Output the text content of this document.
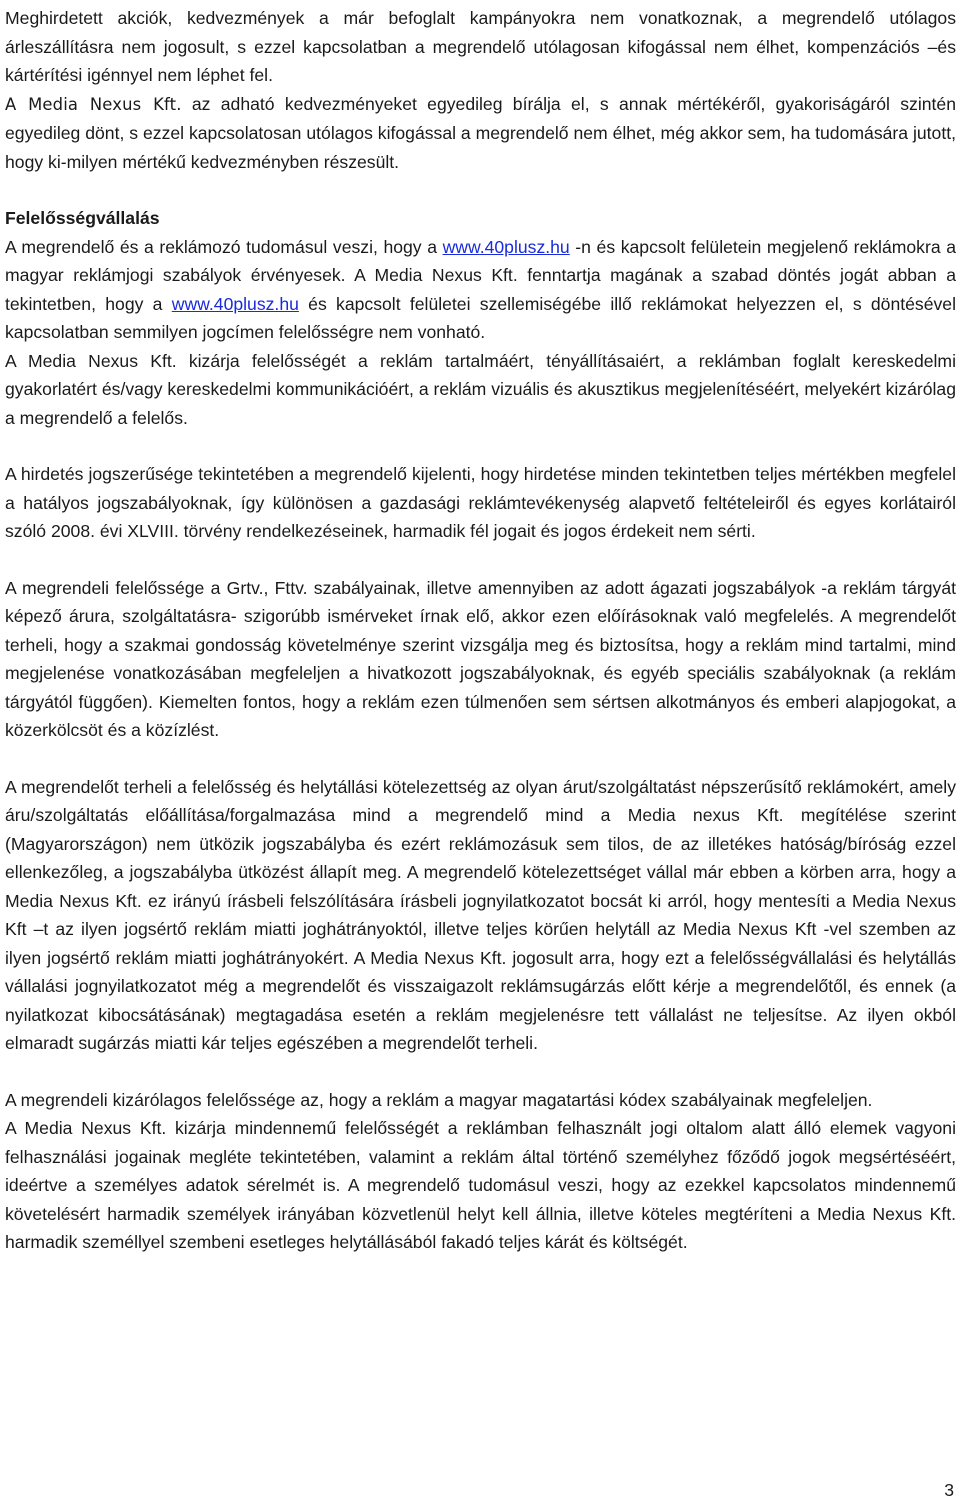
Meghirdetett akciók, kedvezmények a már befoglalt kampányokra nem vonatkoznak, a megrendelő utólagos árleszállításra nem jogosult, s ezzel kapcsolatban a megrendelő utólagosan kifogással nem élhet, kompenzációs –és kártérítési igénnyel nem léphet fel.

A Media Nexus Kft. az adható kedvezményeket egyedileg bírálja el, s annak mértékéről, gyakoriságáról szintén egyedileg dönt, s ezzel kapcsolatosan utólagos kifogással a megrendelő nem élhet, még akkor sem, ha tudomására jutott, hogy ki-milyen mértékű kedvezményben részesült.

Felelősségvállalás

A megrendelő és a reklámozó tudomásul veszi, hogy a www.40plusz.hu -n és kapcsolt felületein megjelenő reklámokra a magyar reklámjogi szabályok érvényesek. A Media Nexus Kft. fenntartja magának a szabad döntés jogát abban a tekintetben, hogy a www.40plusz.hu és kapcsolt felületei szellemiségébe illő reklámokat helyezzen el, s döntésével kapcsolatban semmilyen jogcímen felelősségre nem vonható.

A Media Nexus Kft. kizárja felelősségét a reklám tartalmáért, tényállításaiért, a reklámban foglalt kereskedelmi gyakorlatért és/vagy kereskedelmi kommunikációért, a reklám vizuális és akusztikus megjelenítéséért, melyekért kizárólag a megrendelő a felelős.

A hirdetés jogszerűsége tekintetében a megrendelő kijelenti, hogy hirdetése minden tekintetben teljes mértékben megfelel a hatályos jogszabályoknak, így különösen a gazdasági reklámtevékenység alapvető feltételeiről és egyes korlátairól szóló 2008. évi XLVIII. törvény rendelkezéseinek, harmadik fél jogait és jogos érdekeit nem sérti.

A megrendeli felelőssége a Grtv., Fttv. szabályainak, illetve amennyiben az adott ágazati jogszabályok -a reklám tárgyát képező árura, szolgáltatásra- szigorúbb ismérveket írnak elő, akkor ezen előírásoknak való megfelelés. A megrendelőt terheli, hogy a szakmai gondosság követelménye szerint vizsgálja meg és biztosítsa, hogy a reklám mind tartalmi, mind megjelenése vonatkozásában megfeleljen a hivatkozott jogszabályoknak, és egyéb speciális szabályoknak (a reklám tárgyától függően). Kiemelten fontos, hogy a reklám ezen túlmenően sem sértsen alkotmányos és emberi alapjogokat, a közerkölcsöt és a közízlést.

A megrendelőt terheli a felelősség és helytállási kötelezettség az olyan árut/szolgáltatást népszerűsítő reklámokért, amely áru/szolgáltatás előállítása/forgalmazása mind a megrendelő mind a Media nexus Kft. megítélése szerint (Magyarországon) nem ütközik jogszabályba és ezért reklámozásuk sem tilos, de az illetékes hatóság/bíróság ezzel ellenkezőleg, a jogszabályba ütközést állapít meg. A megrendelő kötelezettséget vállal már ebben a körben arra, hogy a Media Nexus Kft. ez irányú írásbeli felszólítására írásbeli jognyilatkozatot bocsát ki arról, hogy mentesíti a Media Nexus Kft –t az ilyen jogsértő reklám miatti joghátrányoktól, illetve teljes körűen helytáll az Media Nexus Kft -vel szemben az ilyen jogsértő reklám miatti joghátrányokért. A Media Nexus Kft. jogosult arra, hogy ezt a felelősségvállalási és helytállás vállalási jognyilatkozatot még a megrendelőt és visszaigazolt reklámsugárzás előtt kérje a megrendelőtől, és ennek (a nyilatkozat kibocsátásának) megtagadása esetén a reklám megjelenésre tett vállalást ne teljesítse. Az ilyen okból elmaradt sugárzás miatti kár teljes egészében a megrendelőt terheli.

A megrendeli kizárólagos felelőssége az, hogy a reklám a magyar magatartási kódex szabályainak megfeleljen.

A Media Nexus Kft. kizárja mindennemű felelősségét a reklámban felhasznált jogi oltalom alatt álló elemek vagyoni felhasználási jogainak megléte tekintetében, valamint a reklám által történő személyhez főződő jogok megsértéséért, ideértve a személyes adatok sérelmét is. A megrendelő tudomásul veszi, hogy az ezekkel kapcsolatos mindennemű követelésért harmadik személyek irányában közvetlenül helyt kell állnia, illetve köteles megtéríteni a Media Nexus Kft. harmadik személlyel szembeni esetleges helytállásából fakadó teljes kárát és költségét.

3
